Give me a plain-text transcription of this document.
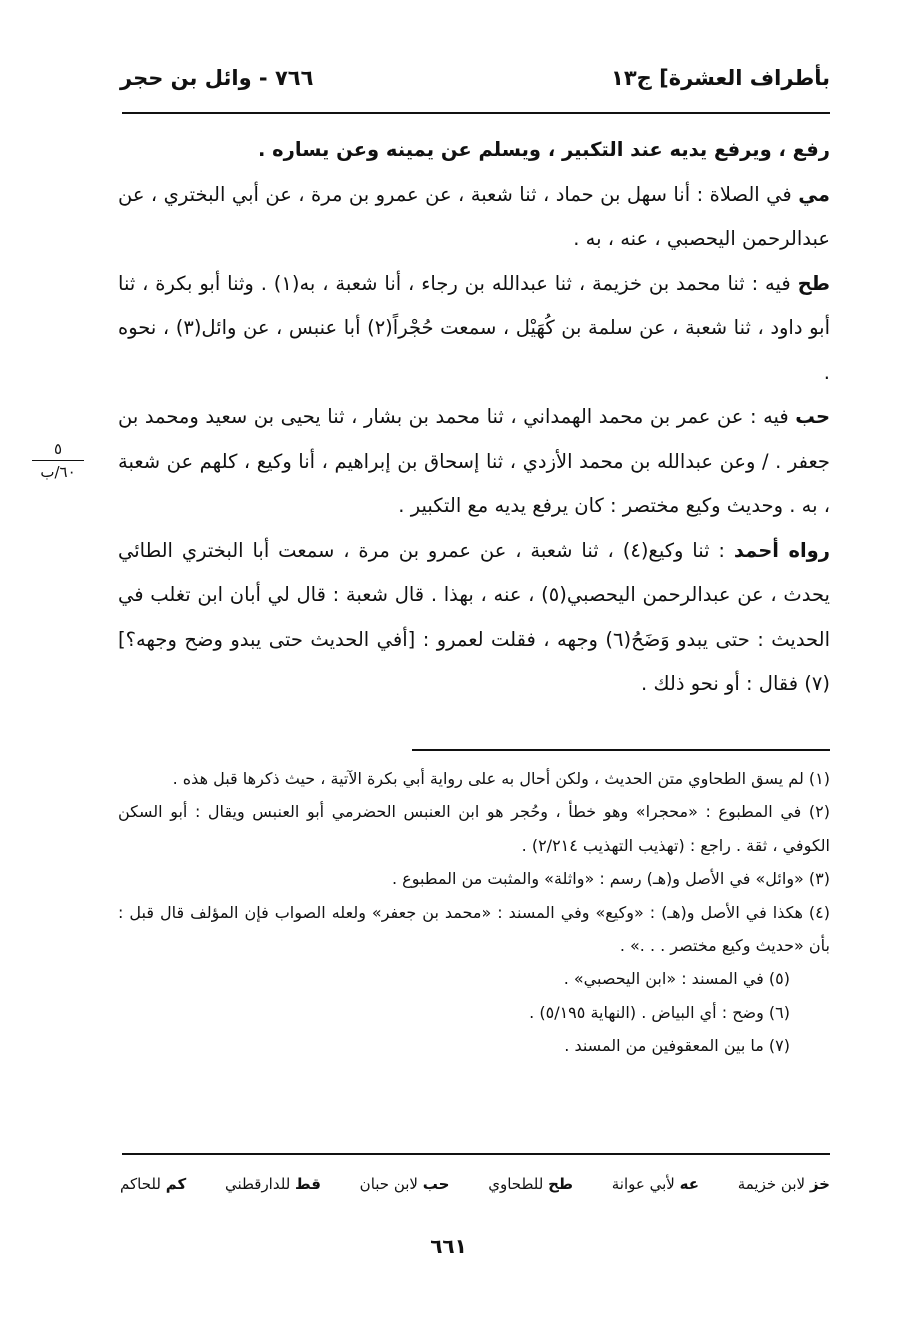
بأطراف العشرة] ج١٣
٧٦٦ - وائل بن حجر

رفع ، ويرفع يديه عند التكبير ، ويسلم عن يمينه وعن يساره .

مي في الصلاة : أنا سهل بن حماد ، ثنا شعبة ، عن عمرو بن مرة ، عن أبي البختري ، عن عبدالرحمن اليحصبي ، عنه ، به .

طح فيه : ثنا محمد بن خزيمة ، ثنا عبدالله بن رجاء ، أنا شعبة ، به(١) . وثنا أبو بكرة ، ثنا أبو داود ، ثنا شعبة ، عن سلمة بن كُهَيْل ، سمعت حُجْراً(٢) أبا عنبس ، عن وائل(٣) ، نحوه .

حب فيه : عن عمر بن محمد الهمداني ، ثنا محمد بن بشار ، ثنا يحيى بن سعيد ومحمد بن جعفر . / وعن عبدالله بن محمد الأزدي ، ثنا إسحاق بن إبراهيم ، أنا وكيع ، كلهم عن شعبة ، به . وحديث وكيع مختصر : كان يرفع يديه مع التكبير .

رواه أحمد : ثنا وكيع(٤) ، ثنا شعبة ، عن عمرو بن مرة ، سمعت أبا البختري الطائي يحدث ، عن عبدالرحمن اليحصبي(٥) ، عنه ، بهذا . قال شعبة : قال لي أبان ابن تغلب في الحديث : حتى يبدو وَضَحُ(٦) وجهه ، فقلت لعمرو : [أفي الحديث حتى يبدو وضح وجهه؟](٧) فقال : أو نحو ذلك .

٥
٦٠/ب

(١) لم يسق الطحاوي متن الحديث ، ولكن أحال به على رواية أبي بكرة الآتية ، حيث ذكرها قبل هذه .

(٢) في المطبوع : «محجرا» وهو خطأ ، وحُجر هو ابن العنبس الحضرمي أبو العنبس ويقال : أبو السكن الكوفي ، ثقة . راجع : (تهذيب التهذيب ٢/٢١٤) .

(٣) «وائل» في الأصل و(هـ) رسم : «واثلة» والمثبت من المطبوع .

(٤) هكذا في الأصل و(هـ) : «وكيع» وفي المسند : «محمد بن جعفر» ولعله الصواب فإن المؤلف قال قبل : بأن «حديث وكيع مختصر . . .» .

(٥) في المسند : «ابن اليحصبي» .

(٦) وضح : أي البياض . (النهاية ٥/١٩٥) .

(٧) ما بين المعقوفين من المسند .

خز لابن خزيمة
عه لأبي عوانة
طح للطحاوي
حب لابن حبان
قط للدارقطني
كم للحاكم
٦٦١
